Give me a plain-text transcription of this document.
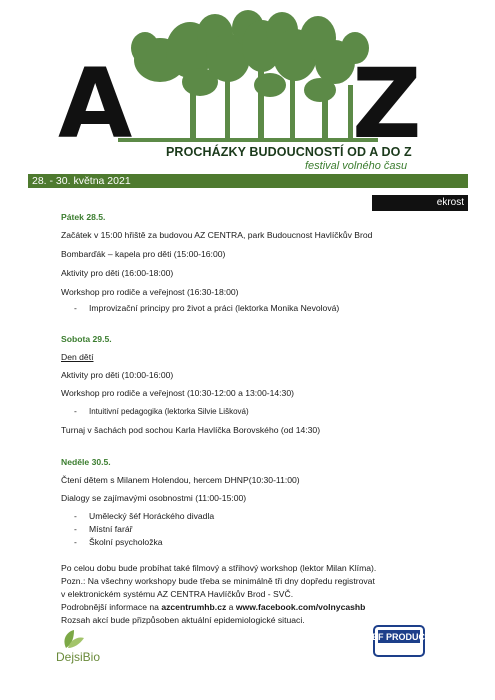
A Z
PROCHÁZKY BUDOUCNOSTÍ OD A DO Z
festival volného času
28. - 30. května 2021
ekrost
Pátek 28.5.
Začátek v 15:00 hřiště za budovou AZ CENTRA, park Budoucnost Havlíčkův Brod
Bombarďák – kapela pro děti (15:00-16:00)
Aktivity pro děti (16:00-18:00)
Workshop pro rodiče a veřejnost (16:30-18:00)
- Improvizační principy pro život a práci (lektorka Monika Nevolová)
Sobota 29.5.
Den dětí
Aktivity pro děti (10:00-16:00)
Workshop pro rodiče a veřejnost (10:30-12:00 a 13:00-14:30)
- Intuitivní pedagogika (lektorka Silvie Lišková)
Turnaj v šachách pod sochou Karla Havlíčka Borovského (od 14:30)
Neděle 30.5.
Čtení dětem s Milanem Holendou, hercem DHNP(10:30-11:00)
Dialogy se zajímavými osobnostmi (11:00-15:00)
- Umělecký šéf Horáckého divadla
- Místní farář
- Školní psycholožka
Po celou dobu bude probíhat také filmový a střihový workshop (lektor Milan Klíma).
Pozn.: Na všechny workshopy bude třeba se minimálně tři dny dopředu registrovat
v elektronickém systému AZ CENTRA Havlíčkův Brod - SVČ.
Podrobnější informace na azcentrumhb.cz a www.facebook.com/volnycashb
Rozsah akcí bude přizpůsoben aktuální epidemiologické situaci.
DejsiBio
BELIEF PRODUCTION
